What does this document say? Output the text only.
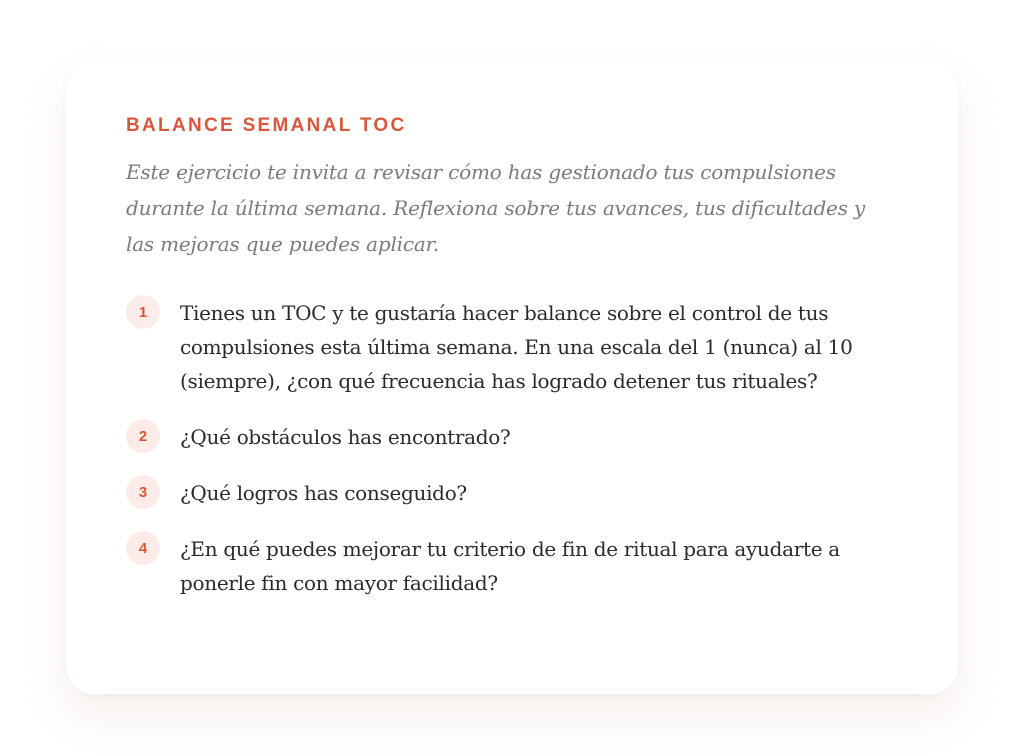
BALANCE SEMANAL TOC

Este ejercicio te invita a revisar cómo has gestionado tus compulsiones durante la última semana. Reflexiona sobre tus avances, tus dificultades y las mejoras que puedes aplicar.

1	Tienes un TOC y te gustaría hacer balance sobre el control de tus compulsiones esta última semana. En una escala del 1 (nunca) al 10 (siempre), ¿con qué frecuencia has logrado detener tus rituales?

2	¿Qué obstáculos has encontrado?

3	¿Qué logros has conseguido?

4	¿En qué puedes mejorar tu criterio de fin de ritual para ayudarte a ponerle fin con mayor facilidad?
